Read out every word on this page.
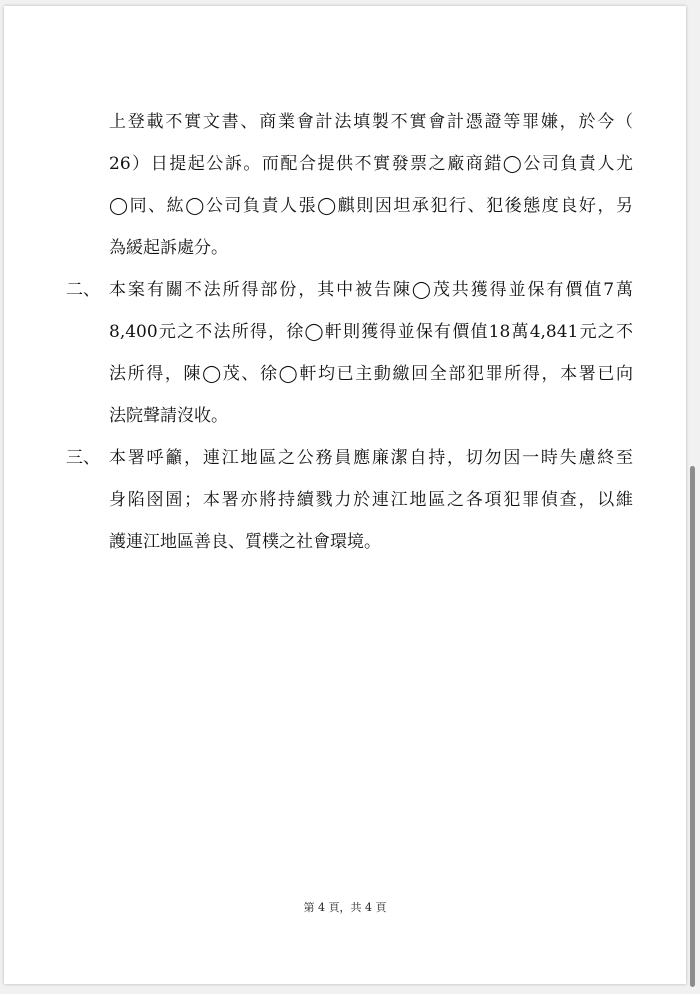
上登載不實文書、商業會計法填製不實會計憑證等罪嫌，於今（
26）日提起公訴。而配合提供不實發票之廠商錯◯公司負責人尤
◯同、紘◯公司負責人張◯麒則因坦承犯行、犯後態度良好，另
為緩起訴處分。
二、 本案有關不法所得部份，其中被告陳◯茂共獲得並保有價值7萬
8,400元之不法所得，徐◯軒則獲得並保有價值18萬4,841元之不
法所得，陳◯茂、徐◯軒均已主動繳回全部犯罪所得，本署已向
法院聲請沒收。
三、 本署呼籲，連江地區之公務員應廉潔自持，切勿因一時失慮終至
身陷囹圄；本署亦將持續戮力於連江地區之各項犯罪偵查，以維
護連江地區善良、質樸之社會環境。
第 4 頁，共 4 頁
